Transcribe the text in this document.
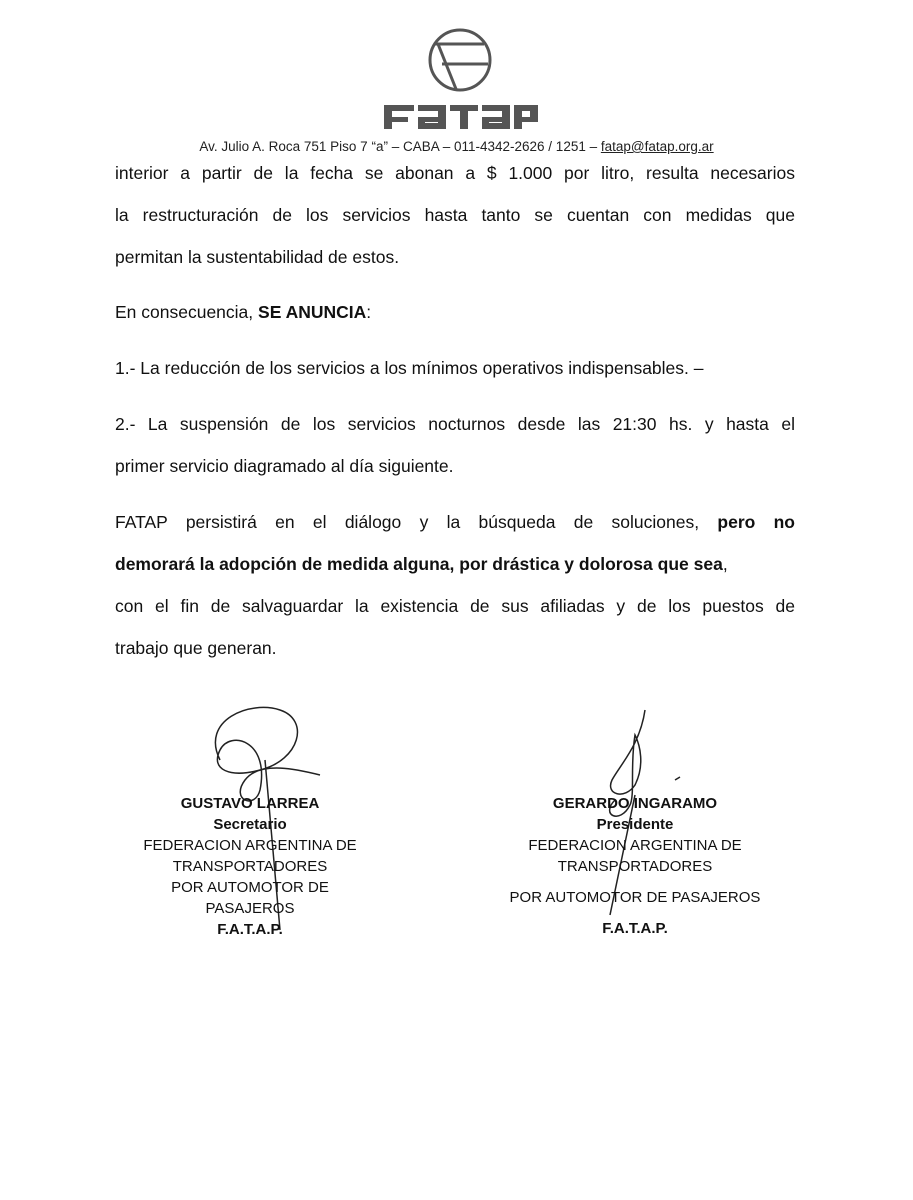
Av. Julio A. Roca 751 Piso 7 “a” – CABA – 011-4342-2626 / 1251 – fatap@fatap.org.ar
interior a partir de la fecha se abonan a $ 1.000 por litro, resulta necesarios
la restructuración de los servicios hasta tanto se cuentan con medidas que
permitan la sustentabilidad de estos.
En consecuencia, SE ANUNCIA:
1.- La reducción de los servicios a los mínimos operativos indispensables. –
2.- La suspensión de los servicios nocturnos desde las 21:30 hs. y hasta el
primer servicio diagramado al día siguiente.
FATAP persistirá en el diálogo y la búsqueda de soluciones, pero no
demorará la adopción de medida alguna, por drástica y dolorosa que sea,
con el fin de salvaguardar la existencia de sus afiliadas y de los puestos de
trabajo que generan.
GUSTAVO LARREA
Secretario
FEDERACION ARGENTINA DE
TRANSPORTADORES
POR AUTOMOTOR DE
PASAJEROS
F.A.T.A.P.
GERARDO INGARAMO
Presidente
FEDERACION ARGENTINA DE
TRANSPORTADORES
POR AUTOMOTOR DE PASAJEROS
F.A.T.A.P.
